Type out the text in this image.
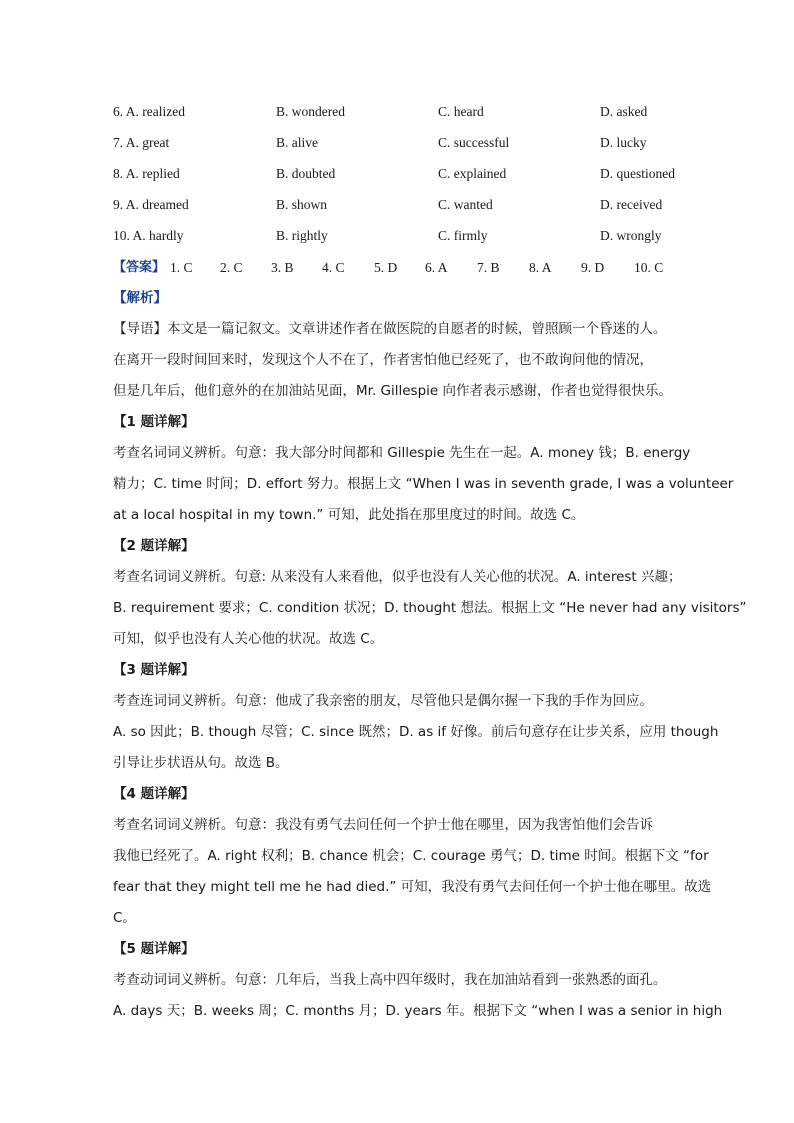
6. A. realized	B. wondered	C. heard	D. asked
7. A. great	B. alive	C. successful	D. lucky
8. A. replied	B. doubted	C. explained	D. questioned
9. A. dreamed	B. shown	C. wanted	D. received
10. A. hardly	B. rightly	C. firmly	D. wrongly
【答案】 1. C 2. C 3. B 4. C 5. D 6. A 7. B 8. A 9. D 10. C
【解析】
【导语】本文是一篇记叙文。文章讲述作者在做医院的自愿者的时候，曾照顾一个昏迷的人。
在离开一段时间回来时，发现这个人不在了，作者害怕他已经死了，也不敢询问他的情况，
但是几年后，他们意外的在加油站见面，Mr. Gillespie 向作者表示感谢，作者也觉得很快乐。
【1 题详解】
考查名词词义辨析。句意：我大部分时间都和 Gillespie 先生在一起。A. money 钱；B. energy
精力；C. time 时间；D. effort 努力。根据上文 “When I was in seventh grade, I was a volunteer
at a local hospital in my town.” 可知，此处指在那里度过的时间。故选 C。
【2 题详解】
考查名词词义辨析。句意: 从来没有人来看他，似乎也没有人关心他的状况。A. interest 兴趣；
B. requirement 要求；C. condition 状况；D. thought 想法。根据上文 “He never had any visitors”
可知，似乎也没有人关心他的状况。故选 C。
【3 题详解】
考查连词词义辨析。句意：他成了我亲密的朋友，尽管他只是偶尔握一下我的手作为回应。
A. so 因此；B. though 尽管；C. since 既然；D. as if 好像。前后句意存在让步关系，应用 though
引导让步状语从句。故选 B。
【4 题详解】
考查名词词义辨析。句意：我没有勇气去问任何一个护士他在哪里，因为我害怕他们会告诉
我他已经死了。A. right 权利；B. chance 机会；C. courage 勇气；D. time 时间。根据下文 “for
fear that they might tell me he had died.” 可知，我没有勇气去问任何一个护士他在哪里。故选
C。
【5 题详解】
考查动词词义辨析。句意：几年后，当我上高中四年级时，我在加油站看到一张熟悉的面孔。
A. days 天；B. weeks 周；C. months 月；D. years 年。根据下文 “when I was a senior in high
